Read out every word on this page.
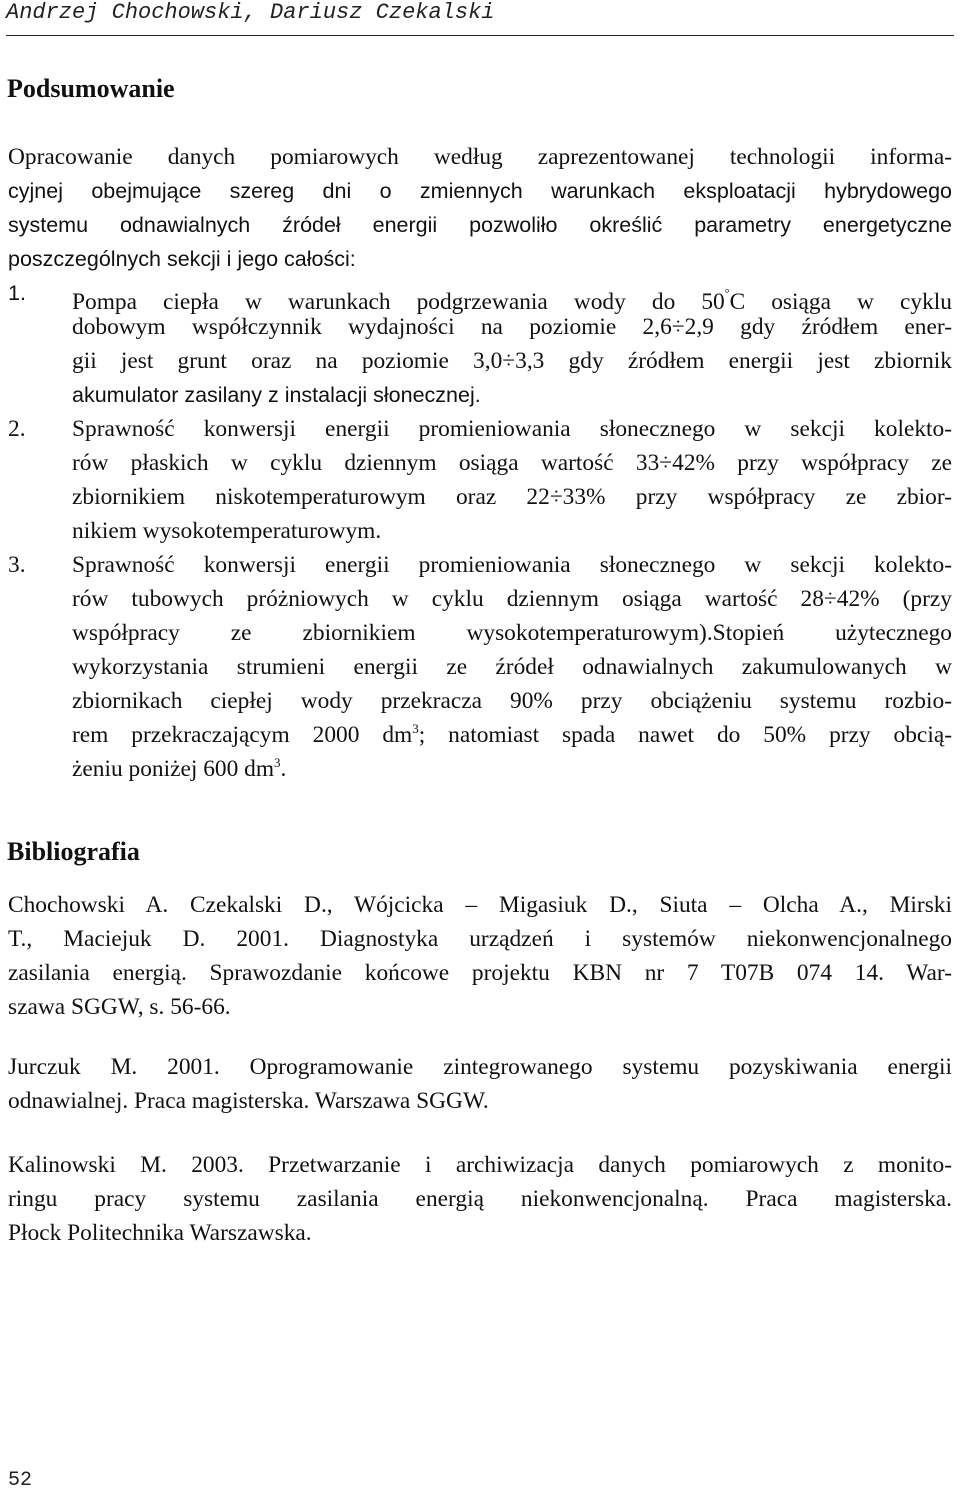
Andrzej Chochowski, Dariusz Czekalski
Podsumowanie
Opracowanie danych pomiarowych według zaprezentowanej technologii informa-
cyjnej obejmujące szereg dni o zmiennych warunkach eksploatacji hybrydowego
systemu odnawialnych źródeł energii pozwoliło określić parametry energetyczne
poszczególnych sekcji i jego całości:
1. Pompa ciepła w warunkach podgrzewania wody do 50°C osiąga w cyklu
dobowym współczynnik wydajności na poziomie 2,6÷2,9 gdy źródłem ener-
gii jest grunt oraz na poziomie 3,0÷3,3 gdy źródłem energii jest zbiornik
akumulator zasilany z instalacji słonecznej.
2. Sprawność konwersji energii promieniowania słonecznego w sekcji kolekto-
rów płaskich w cyklu dziennym osiąga wartość 33÷42% przy współpracy ze
zbiornikiem niskotemperaturowym oraz 22÷33% przy współpracy ze zbior-
nikiem wysokotemperaturowym.
3. Sprawność konwersji energii promieniowania słonecznego w sekcji kolekto-
rów tubowych próżniowych w cyklu dziennym osiąga wartość 28÷42% (przy
współpracy ze zbiornikiem wysokotemperaturowym).Stopień użytecznego
wykorzystania strumieni energii ze źródeł odnawialnych zakumulowanych w
zbiornikach ciepłej wody przekracza 90% przy obciążeniu systemu rozbio-
rem przekraczającym 2000 $dm^3$; natomiast spada nawet do 50% przy obcią-
żeniu poniżej 600 $dm^3$.
Bibliografia
Chochowski A. Czekalski D., Wójcicka – Migasiuk D., Siuta – Olcha A., Mirski
T., Maciejuk D. 2001. Diagnostyka urządzeń i systemów niekonwencjonalnego
zasilania energią. Sprawozdanie końcowe projektu KBN nr 7 T07B 074 14. War-
szawa SGGW, s. 56-66.
Jurczuk M. 2001. Oprogramowanie zintegrowanego systemu pozyskiwania energii
odnawialnej. Praca magisterska. Warszawa SGGW.
Kalinowski M. 2003. Przetwarzanie i archiwizacja danych pomiarowych z monito-
ringu pracy systemu zasilania energią niekonwencjonalną. Praca magisterska.
Płock Politechnika Warszawska.
52
